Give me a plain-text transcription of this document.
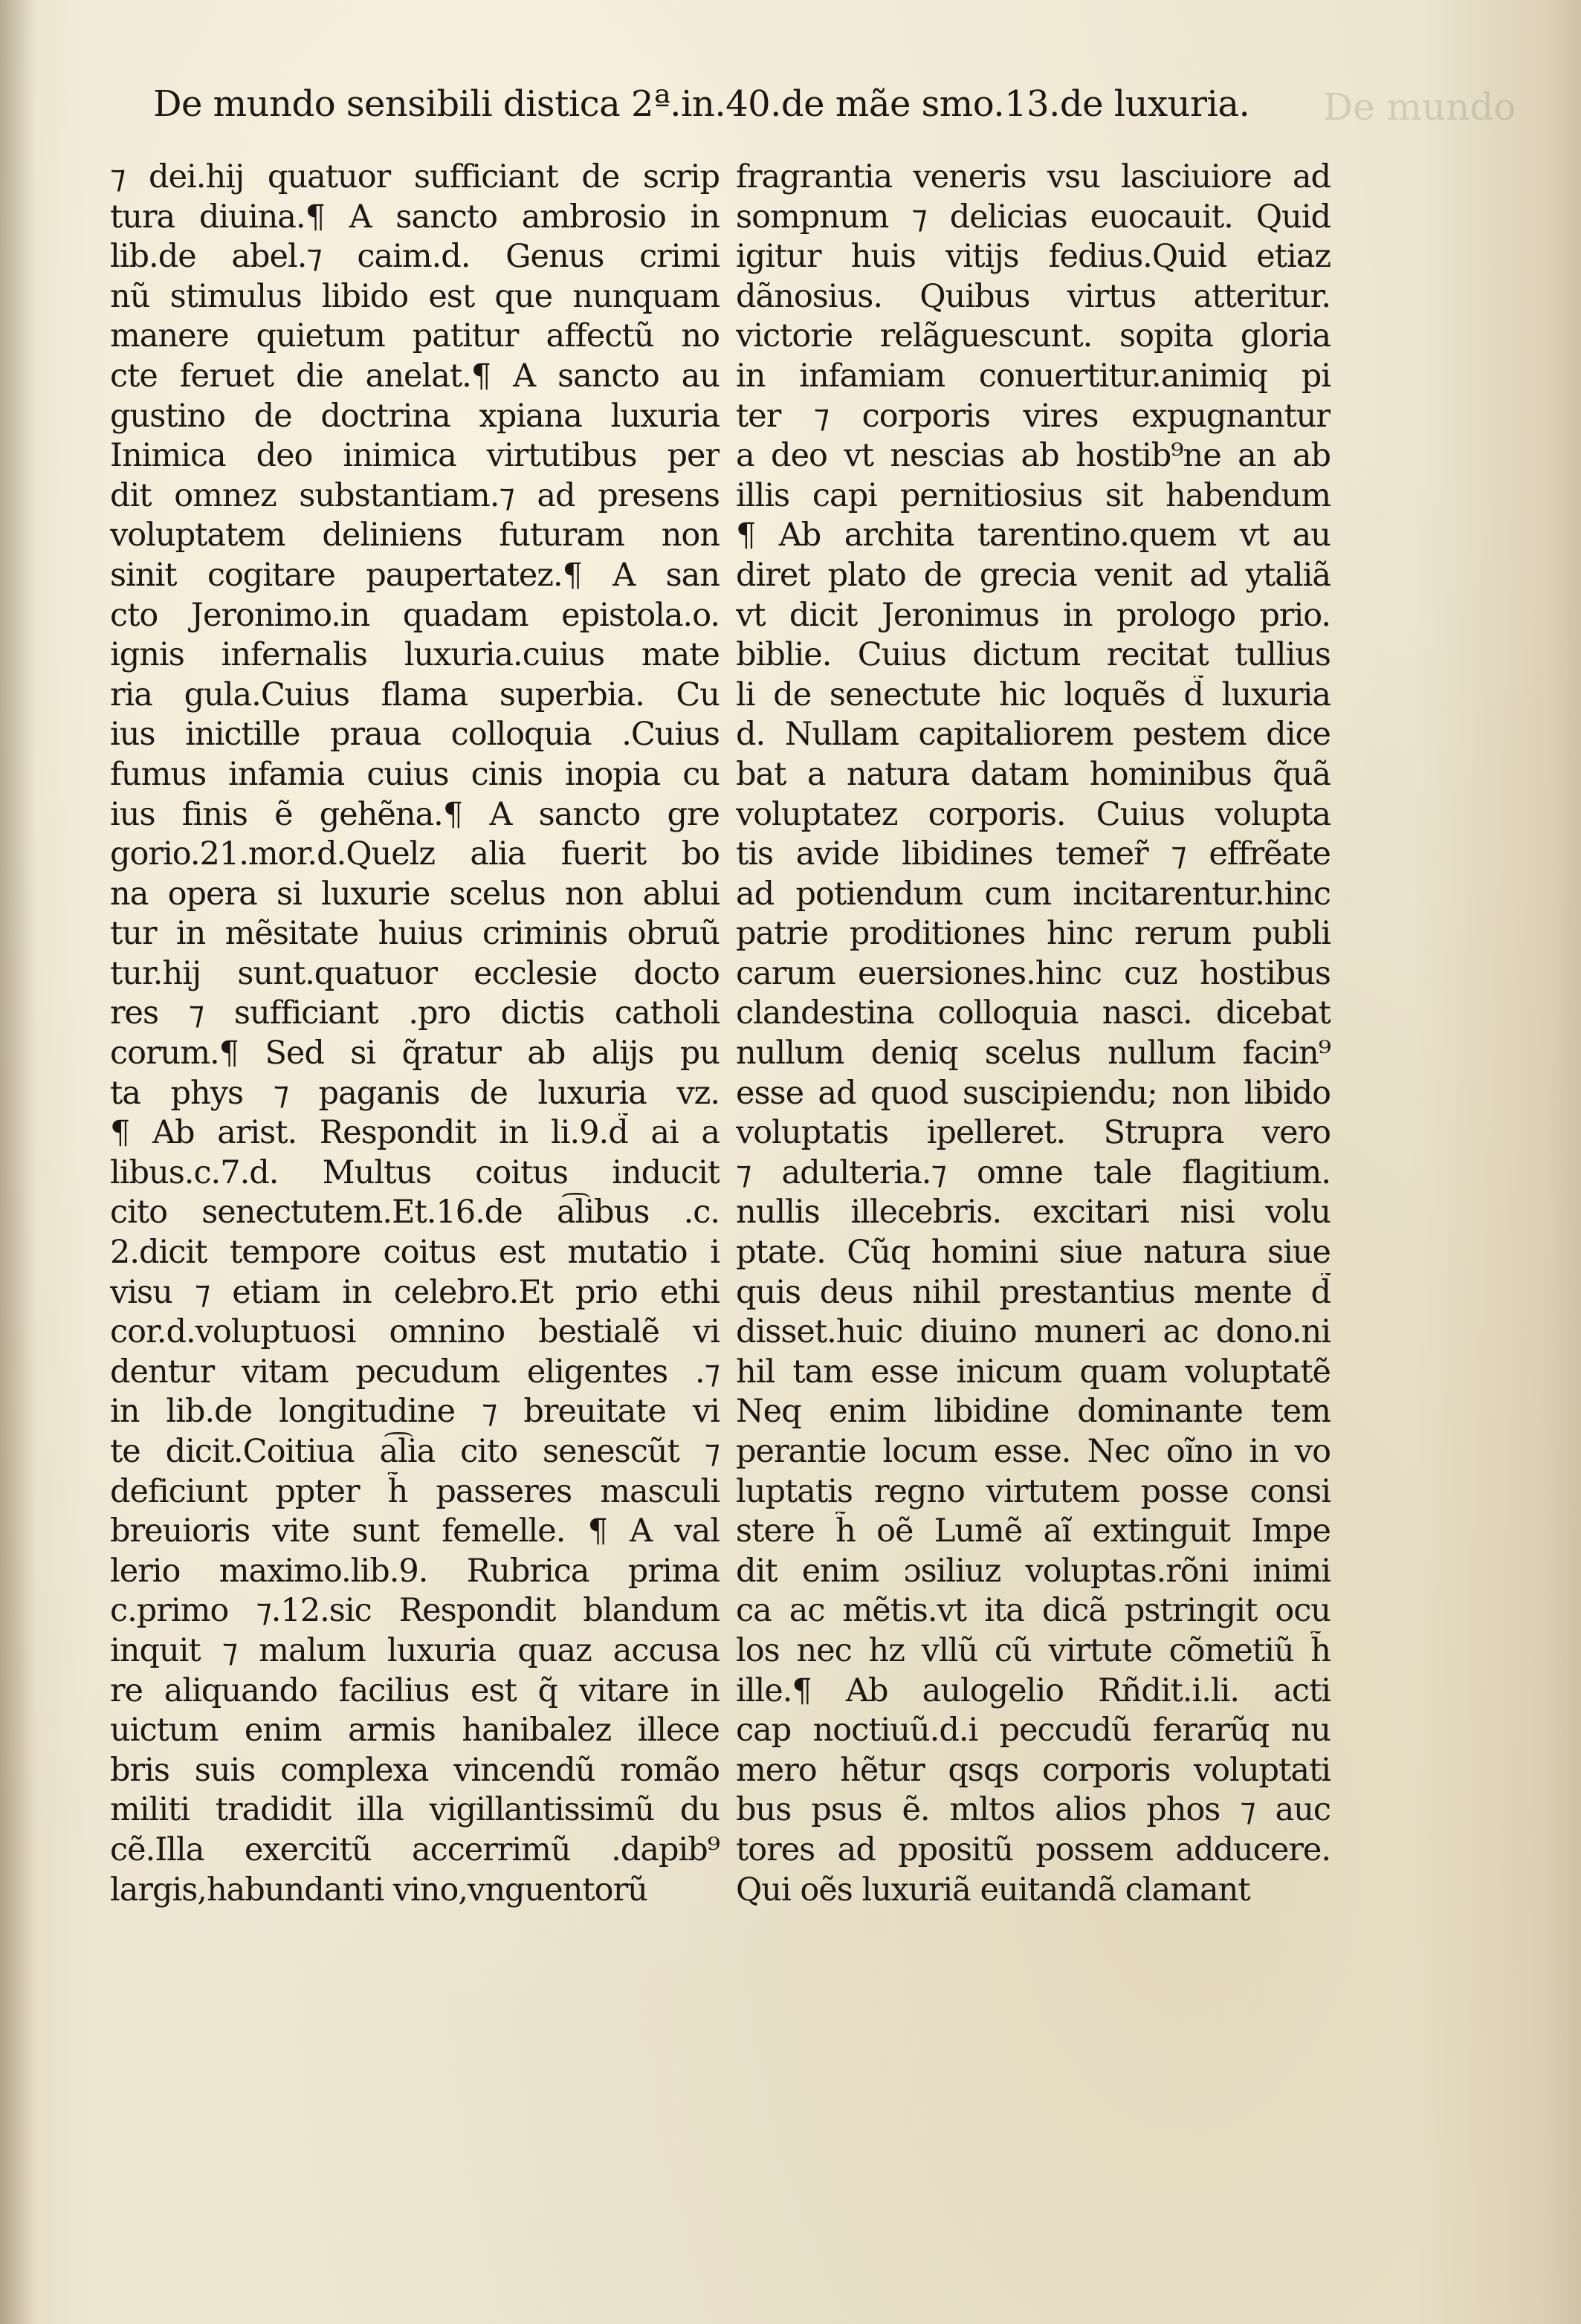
De mundo
De mundo sensibili distica 2ª.in.40.de mãe smo.13.de luxuria.
⁊ dei.hij quatuor sufficiant de scrip
tura diuina.¶ A sancto ambrosio in
lib.de abel.⁊ caim.d. Genus crimi
nũ stimulus libido est que nunquam
manere quietum patitur affectũ no
cte feruet die anelat.¶ A sancto au
gustino de doctrina xpiana luxuria
Inimica deo inimica virtutibus per
dit omnez substantiam.⁊ ad presens
voluptatem deliniens futuram non
sinit cogitare paupertatez.¶ A san
cto Jeronimo.in quadam epistola.o.
ignis infernalis luxuria.cuius mate
ria gula.Cuius flama superbia. Cu
ius inictille praua colloquia .Cuius
fumus infamia cuius cinis inopia cu
ius finis ẽ gehẽna.¶ A sancto gre
gorio.21.mor.d.Quelz alia fuerit bo
na opera si luxurie scelus non ablui
tur in mẽsitate huius criminis obruũ
tur.hij sunt.quatuor ecclesie docto
res ⁊ sufficiant .pro dictis catholi
corum.¶ Sed si q̃ratur ab alijs pu
ta phys ⁊ paganis de luxuria vz.
¶ Ab arist. Respondit in li.9.d̃ ai a
libus.c.7.d. Multus coitus inducit
cito senectutem.Et.16.de a͡libus .c.
2.dicit tempore coitus est mutatio i
visu ⁊ etiam in celebro.Et prio ethi
cor.d.voluptuosi omnino bestialẽ vi
dentur vitam pecudum eligentes .⁊
in lib.de longitudine ⁊ breuitate vi
te dicit.Coitiua a͡lia cito senescũt ⁊
deficiunt ppter h̃ passeres masculi
breuioris vite sunt femelle. ¶ A val
lerio maximo.lib.9. Rubrica prima
c.primo ⁊.12.sic Respondit blandum
inquit ⁊ malum luxuria quaz accusa
re aliquando facilius est q̃ vitare in
uictum enim armis hanibalez illece
bris suis complexa vincendũ romão
militi tradidit illa vigillantissimũ du
cẽ.Illa exercitũ accerrimũ .dapib⁹
largis,habundanti vino,vnguentorũ
fragrantia veneris vsu lasciuiore ad
sompnum ⁊ delicias euocauit. Quid
igitur huis vitijs fedius.Quid etiaz
dãnosius. Quibus virtus atteritur.
victorie relãguescunt. sopita gloria
in infamiam conuertitur.animiq pi
ter ⁊ corporis vires expugnantur
a deo vt nescias ab hostib⁹ne an ab
illis capi pernitiosius sit habendum
¶ Ab archita tarentino.quem vt au
diret plato de grecia venit ad ytaliã
vt dicit Jeronimus in prologo prio.
biblie. Cuius dictum recitat tullius
li de senectute hic loquẽs d̃ luxuria
d. Nullam capitaliorem pestem dice
bat a natura datam hominibus q̃uã
voluptatez corporis. Cuius volupta
tis avide libidines temer̃ ⁊ effrẽate
ad potiendum cum incitarentur.hinc
patrie proditiones hinc rerum publi
carum euersiones.hinc cuz hostibus
clandestina colloquia nasci. dicebat
nullum deniq scelus nullum facin⁹
esse ad quod suscipiendu; non libido
voluptatis ipelleret. Strupra vero
⁊ adulteria.⁊ omne tale flagitium.
nullis illecebris. excitari nisi volu
ptate. Cũq homini siue natura siue
quis deus nihil prestantius mente d̃
disset.huic diuino muneri ac dono.ni
hil tam esse inicum quam voluptatẽ
Neq enim libidine dominante tem
perantie locum esse. Nec oĩno in vo
luptatis regno virtutem posse consi
stere h̃ oẽ Lumẽ aĩ extinguit Impe
dit enim ɔsiliuz voluptas.rõni inimi
ca ac mẽtis.vt ita dicã pstringit ocu
los nec hz vllũ cũ virtute cõmetiũ h̃
ille.¶ Ab aulogelio Rñdit.i.li. acti
cap noctiuũ.d.i peccudũ ferarũq nu
mero hẽtur qsqs corporis voluptati
bus psus ẽ. mltos alios phos ⁊ auc
tores ad ppositũ possem adducere.
Qui oẽs luxuriã euitandã clamant
